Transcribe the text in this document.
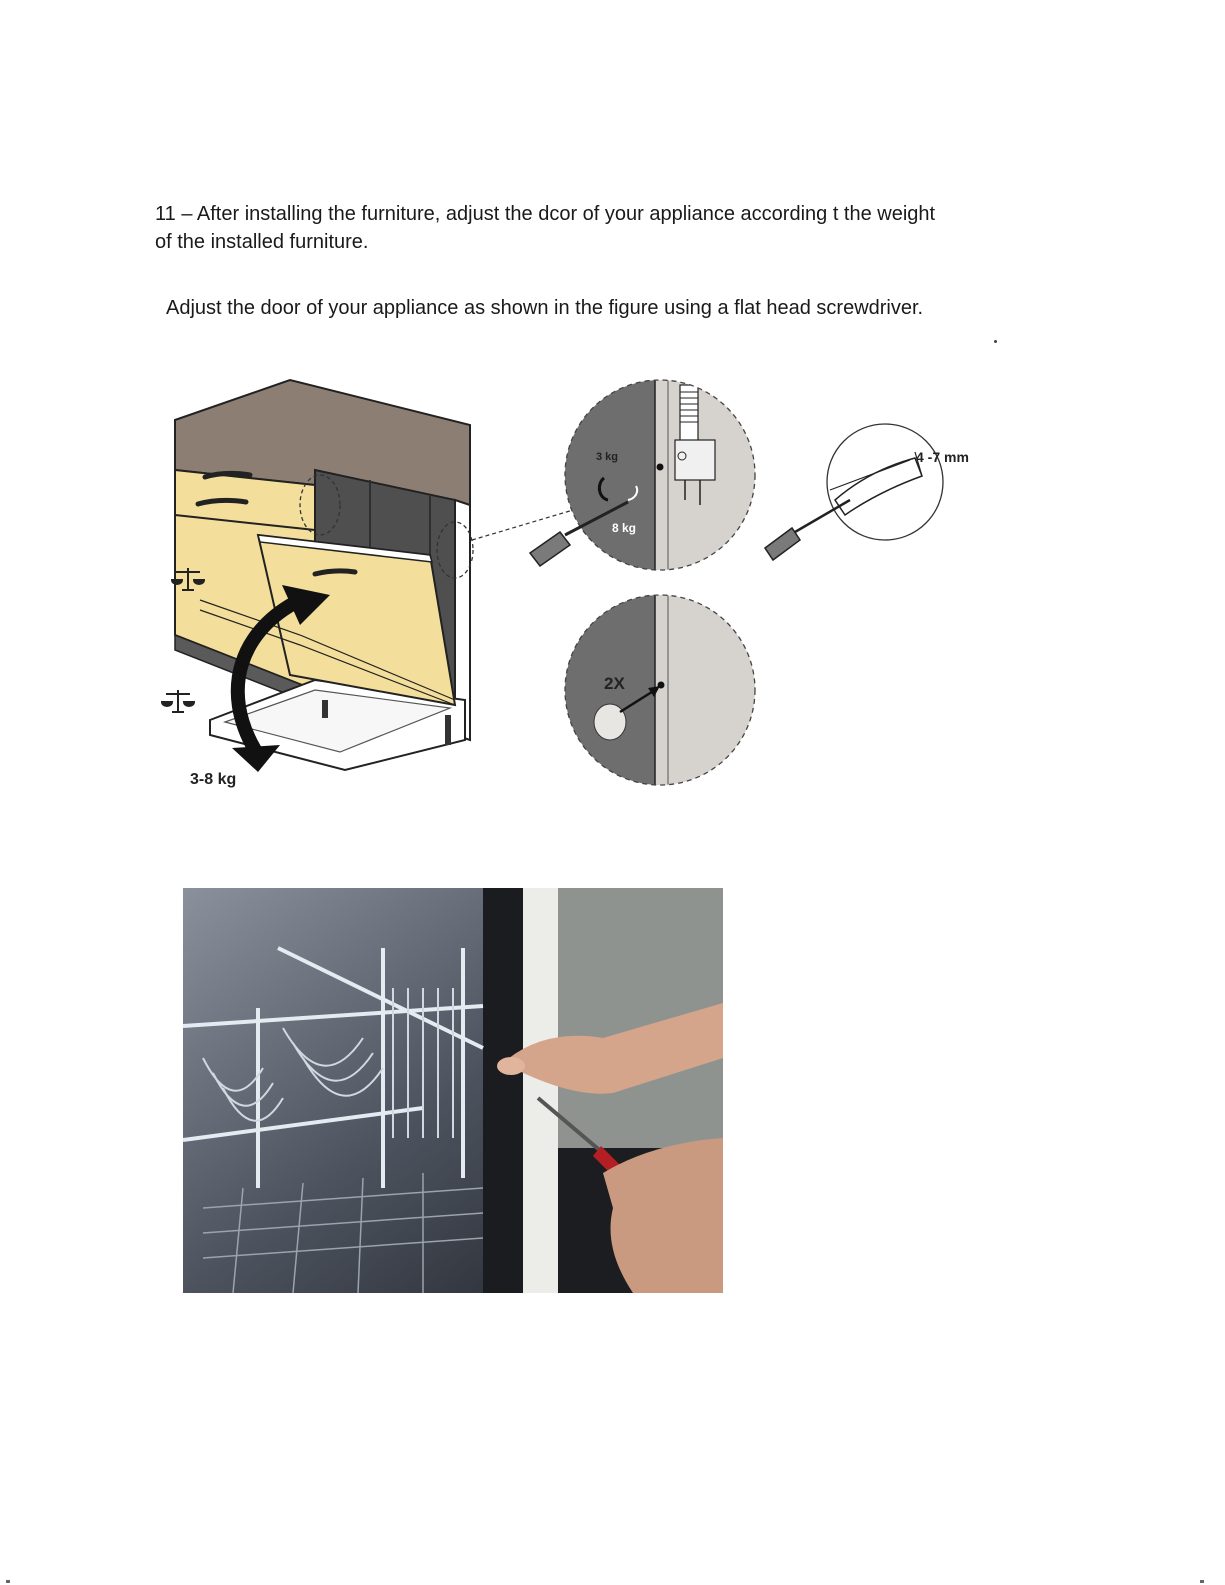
11 – After installing the furniture, adjust the dcor of your appliance according t the weight of the installed furniture.

Adjust the door of your appliance as shown in the figure using a flat head screwdriver.

3-8 kg
3 kg
8 kg
2X
4 -7 mm
